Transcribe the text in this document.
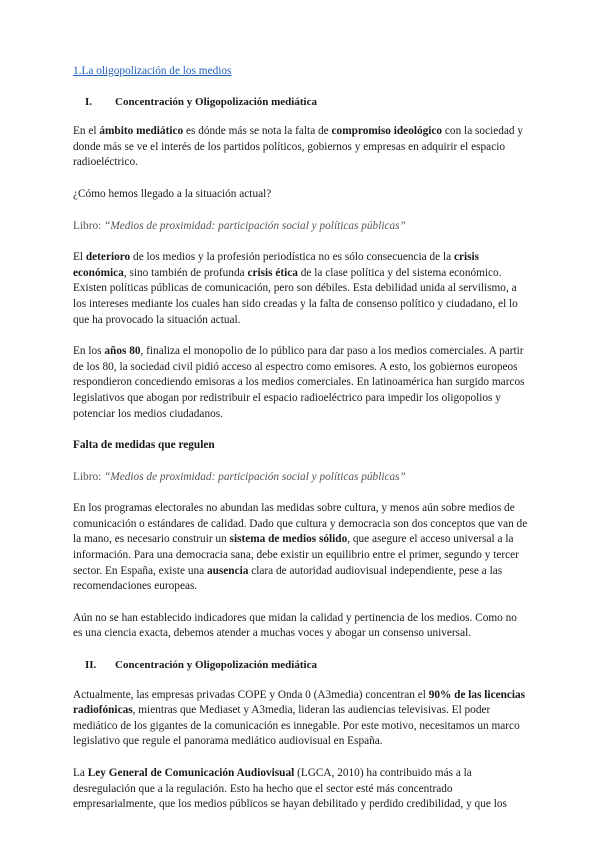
1.La oligopolización de los medios
I. Concentración y Oligopolización mediática

En el ámbito mediático es dónde más se nota la falta de compromiso ideológico con la sociedad y donde más se ve el interés de los partidos políticos, gobiernos y empresas en adquirir el espacio radioeléctrico.

¿Cómo hemos llegado a la situación actual?

Libro: “Medios de proximidad: participación social y políticas públicas”

El deterioro de los medios y la profesión periodística no es sólo consecuencia de la crisis económica, sino también de profunda crisis ética de la clase política y del sistema económico. Existen políticas públicas de comunicación, pero son débiles. Esta debilidad unida al servilismo, a los intereses mediante los cuales han sido creadas y la falta de consenso político y ciudadano, el lo que ha provocado la situación actual.

En los años 80, finaliza el monopolio de lo público para dar paso a los medios comerciales. A partir de los 80, la sociedad civil pidió acceso al espectro como emisores. A esto, los gobiernos europeos respondieron concediendo emisoras a los medios comerciales. En latinoamérica han surgido marcos legislativos que abogan por redistribuir el espacio radioeléctrico para impedir los oligopolios y potenciar los medios ciudadanos.

Falta de medidas que regulen

Libro: “Medios de proximidad: participación social y políticas públicas”

En los programas electorales no abundan las medidas sobre cultura, y menos aún sobre medios de comunicación o estándares de calidad. Dado que cultura y democracia son dos conceptos que van de la mano, es necesario construir un sistema de medios sólido, que asegure el acceso universal a la información. Para una democracia sana, debe existir un equilibrio entre el primer, segundo y tercer sector. En España, existe una ausencia clara de autoridad audiovisual independiente, pese a las recomendaciones europeas.

Aún no se han establecido indicadores que midan la calidad y pertinencia de los medios. Como no es una ciencia exacta, debemos atender a muchas voces y abogar un consenso universal.

II. Concentración y Oligopolización mediática

Actualmente, las empresas privadas COPE y Onda 0 (A3media) concentran el 90% de las licencias radiofónicas, mientras que Mediaset y A3media, lideran las audiencias televisivas. El poder mediático de los gigantes de la comunicación es innegable. Por este motivo, necesitamos un marco legislativo que regule el panorama mediático audiovisual en España.

La Ley General de Comunicación Audiovisual (LGCA, 2010) ha contribuido más a la desregulación que a la regulación. Esto ha hecho que el sector esté más concentrado empresarialmente, que los medios públicos se hayan debilitado y perdido credibilidad, y que los
